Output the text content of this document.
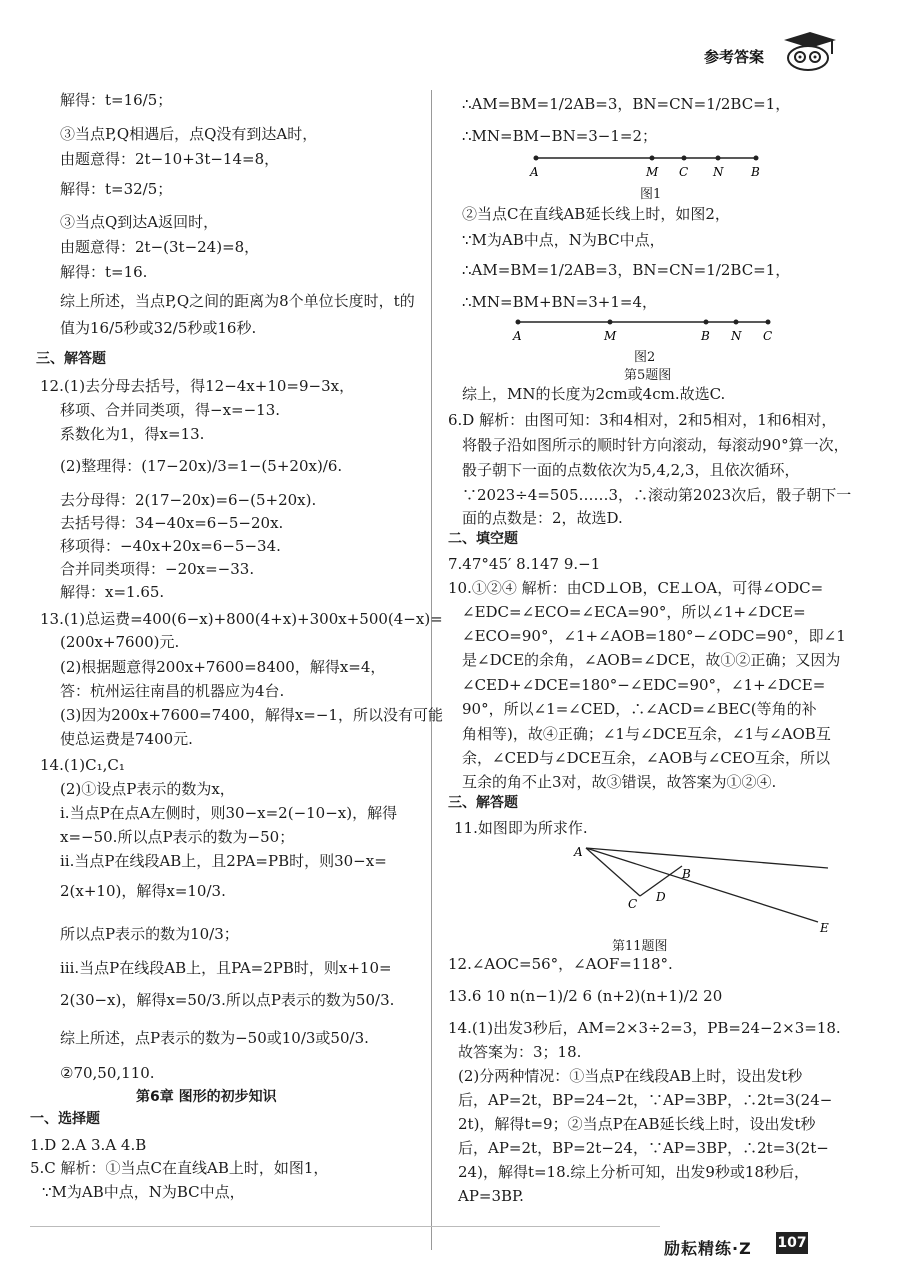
参考答案
解得：t=16/5；
③当点P,Q相遇后，点Q没有到达A时，
由题意得：2t−10+3t−14=8，
解得：t=32/5；
③当点Q到达A返回时，
由题意得：2t−(3t−24)=8，
解得：t=16.
综上所述，当点P,Q之间的距离为8个单位长度时，t的
值为16/5秒或32/5秒或16秒.
三、解答题
12.(1)去分母去括号，得12−4x+10=9−3x，
移项、合并同类项，得−x=−13.
系数化为1，得x=13.
(2)整理得：(17−20x)/3=1−(5+20x)/6.
去分母得：2(17−20x)=6−(5+20x).
去括号得：34−40x=6−5−20x.
移项得：−40x+20x=6−5−34.
合并同类项得：−20x=−33.
解得：x=1.65.
13.(1)总运费=400(6−x)+800(4+x)+300x+500(4−x)=
(200x+7600)元.
(2)根据题意得200x+7600=8400，解得x=4，
答：杭州运往南昌的机器应为4台.
(3)因为200x+7600=7400，解得x=−1，所以没有可能
使总运费是7400元.
14.(1)C₁,C₁
(2)①设点P表示的数为x，
ⅰ.当点P在点A左侧时，则30−x=2(−10−x)，解得
x=−50.所以点P表示的数为−50；
ⅱ.当点P在线段AB上，且2PA=PB时，则30−x=
2(x+10)，解得x=10/3.
所以点P表示的数为10/3；
ⅲ.当点P在线段AB上，且PA=2PB时，则x+10=
2(30−x)，解得x=50/3.所以点P表示的数为50/3.
综上所述，点P表示的数为−50或10/3或50/3.
②70,50,110.
第6章 图形的初步知识
一、选择题
1.D 2.A 3.A 4.B
5.C 解析：①当点C在直线AB上时，如图1，
∵M为AB中点，N为BC中点，
∴AM=BM=1/2AB=3，BN=CN=1/2BC=1，
∴MN=BM−BN=3−1=2；
A	M C N B
图1
②当点C在直线AB延长线上时，如图2，
∵M为AB中点，N为BC中点，
∴AM=BM=1/2AB=3，BN=CN=1/2BC=1，
∴MN=BM+BN=3+1=4，
A	M	B N C
图2
第5题图
综上，MN的长度为2cm或4cm.故选C.
6.D 解析：由图可知：3和4相对，2和5相对，1和6相对，
将骰子沿如图所示的顺时针方向滚动，每滚动90°算一次，
骰子朝下一面的点数依次为5,4,2,3，且依次循环，
∵2023÷4=505……3，∴滚动第2023次后，骰子朝下一
面的点数是：2，故选D.
二、填空题
7.47°45′ 8.147 9.−1
10.①②④ 解析：由CD⊥OB，CE⊥OA，可得∠ODC=
∠EDC=∠ECO=∠ECA=90°，所以∠1+∠DCE=
∠ECO=90°，∠1+∠AOB=180°−∠ODC=90°，即∠1
是∠DCE的余角，∠AOB=∠DCE，故①②正确；又因为
∠CED+∠DCE=180°−∠EDC=90°，∠1+∠DCE=
90°，所以∠1=∠CED，∴∠ACD=∠BEC(等角的补
角相等)，故④正确；∠1与∠DCE互余，∠1与∠AOB互
余，∠CED与∠DCE互余，∠AOB与∠CEO互余，所以
互余的角不止3对，故③错误，故答案为①②④.
三、解答题
11.如图即为所求作.
A
B
C D
E
第11题图
12.∠AOC=56°，∠AOF=118°.
13.6 10 n(n−1)/2 6 (n+2)(n+1)/2 20
14.(1)出发3秒后，AM=2×3÷2=3，PB=24−2×3=18.
故答案为：3；18.
(2)分两种情况：①当点P在线段AB上时，设出发t秒
后，AP=2t，BP=24−2t，∵AP=3BP，∴2t=3(24−
2t)，解得t=9；②当点P在AB延长线上时，设出发t秒
后，AP=2t，BP=2t−24，∵AP=3BP，∴2t=3(2t−
24)，解得t=18.综上分析可知，出发9秒或18秒后，
AP=3BP.
励耘精练·Z 107
